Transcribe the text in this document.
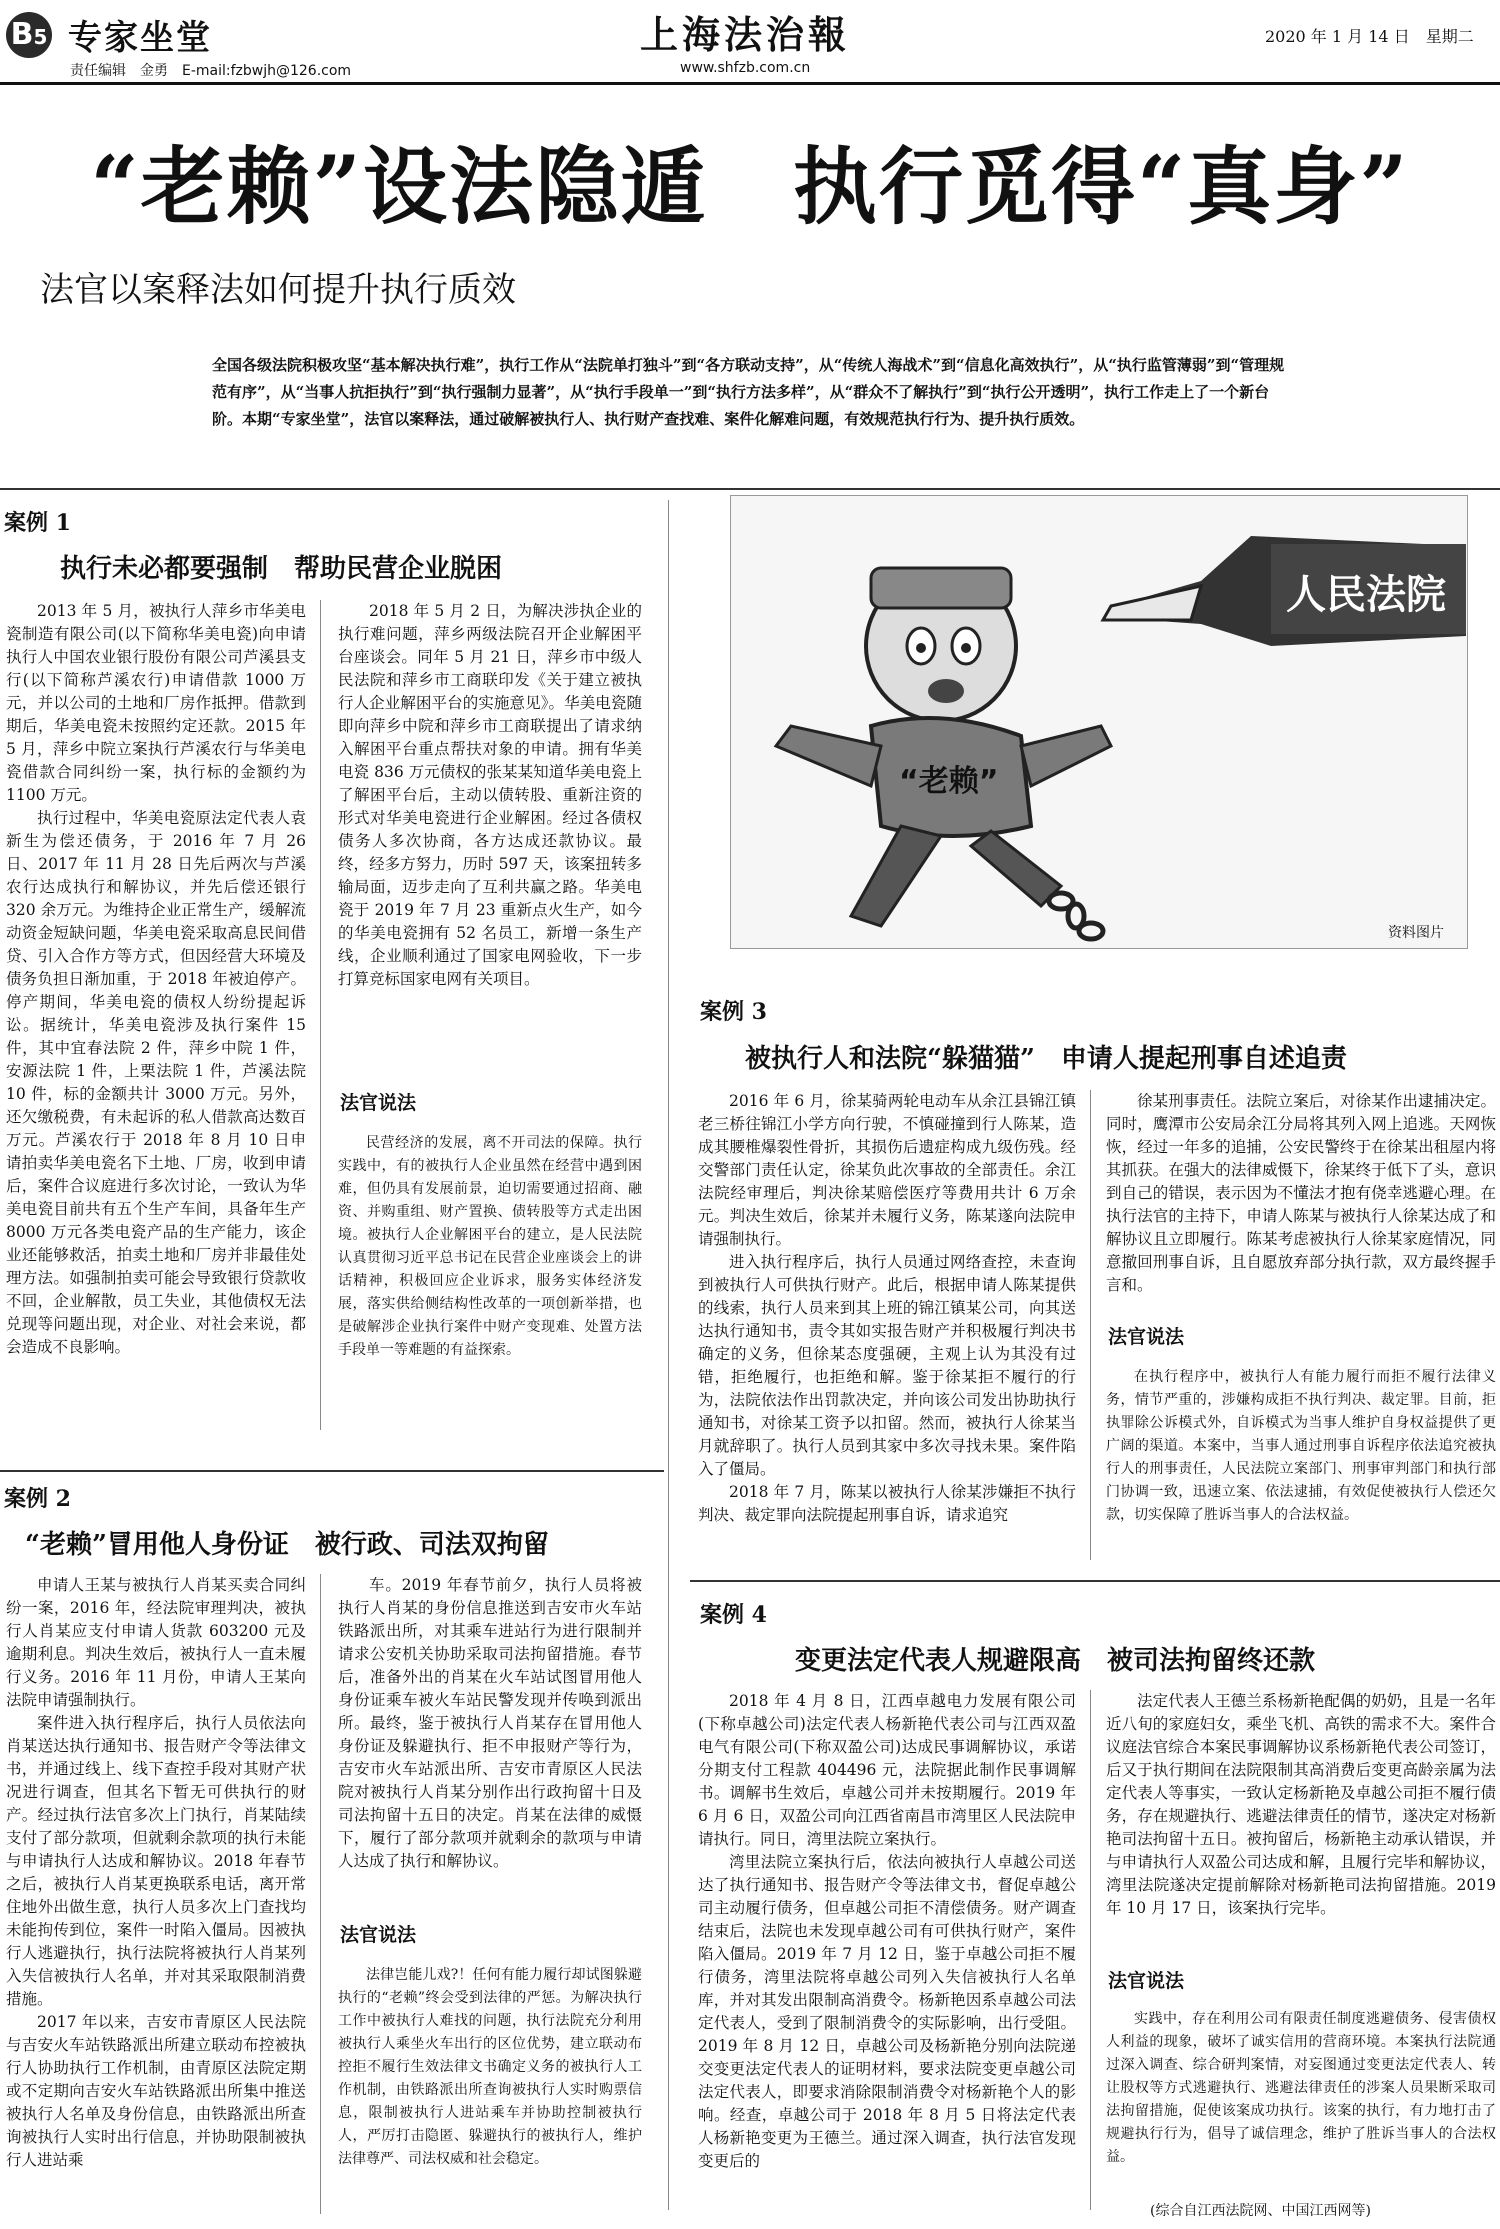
B5 专家坐堂
责任编辑　金勇　E-mail:fzbwjh@126.com
上海法治報
www.shfzb.com.cn
2020 年 1 月 14 日　星期二
“老赖”设法隐遁　执行觅得“真身”
法官以案释法如何提升执行质效
全国各级法院积极攻坚“基本解决执行难”，执行工作从“法院单打独斗”到“各方联动支持”，从“传统人海战术”到“信息化高效执行”，从“执行监管薄弱”到“管理规范有序”，从“当事人抗拒执行”到“执行强制力显著”，从“执行手段单一”到“执行方法多样”，从“群众不了解执行”到“执行公开透明”，执行工作走上了一个新台阶。本期“专家坐堂”，法官以案释法，通过破解被执行人、执行财产查找难、案件化解难问题，有效规范执行行为、提升执行质效。
案例 1
执行未必都要强制　帮助民营企业脱困

2013 年 5 月，被执行人萍乡市华美电瓷制造有限公司(以下简称华美电瓷)向申请执行人中国农业银行股份有限公司芦溪县支行(以下简称芦溪农行)申请借款 1000 万元，并以公司的土地和厂房作抵押。借款到期后，华美电瓷未按照约定还款。2015 年 5 月，萍乡中院立案执行芦溪农行与华美电瓷借款合同纠纷一案，执行标的金额约为 1100 万元。

执行过程中，华美电瓷原法定代表人袁新生为偿还债务，于 2016 年 7 月 26 日、2017 年 11 月 28 日先后两次与芦溪农行达成执行和解协议，并先后偿还银行 320 余万元。为维持企业正常生产，缓解流动资金短缺问题，华美电瓷采取高息民间借贷、引入合作方等方式，但因经营大环境及债务负担日渐加重，于 2018 年被迫停产。停产期间，华美电瓷的债权人纷纷提起诉讼。据统计，华美电瓷涉及执行案件 15 件，其中宜春法院 2 件，萍乡中院 1 件，安源法院 1 件，上栗法院 1 件，芦溪法院 10 件，标的金额共计 3000 万元。另外，还欠缴税费，有未起诉的私人借款高达数百万元。芦溪农行于 2018 年 8 月 10 日申请拍卖华美电瓷名下土地、厂房，收到申请后，案件合议庭进行多次讨论，一致认为华美电瓷目前共有五个生产车间，具备年生产 8000 万元各类电瓷产品的生产能力，该企业还能够救活，拍卖土地和厂房并非最佳处理方法。如强制拍卖可能会导致银行贷款收不回，企业解散，员工失业，其他债权无法兑现等问题出现，对企业、对社会来说，都会造成不良影响。

2018 年 5 月 2 日，为解决涉执企业的执行难问题，萍乡两级法院召开企业解困平台座谈会。同年 5 月 21 日，萍乡市中级人民法院和萍乡市工商联印发《关于建立被执行人企业解困平台的实施意见》。华美电瓷随即向萍乡中院和萍乡市工商联提出了请求纳入解困平台重点帮扶对象的申请。拥有华美电瓷 836 万元债权的张某某知道华美电瓷上了解困平台后，主动以债转股、重新注资的形式对华美电瓷进行企业解困。经过各债权债务人多次协商，各方达成还款协议。最终，经多方努力，历时 597 天，该案扭转多输局面，迈步走向了互利共赢之路。华美电瓷于 2019 年 7 月 23 重新点火生产，如今的华美电瓷拥有 52 名员工，新增一条生产线，企业顺利通过了国家电网验收，下一步打算竞标国家电网有关项目。

法官说法

民营经济的发展，离不开司法的保障。执行实践中，有的被执行人企业虽然在经营中遇到困难，但仍具有发展前景，迫切需要通过招商、融资、并购重组、财产置换、债转股等方式走出困境。被执行人企业解困平台的建立，是人民法院认真贯彻习近平总书记在民营企业座谈会上的讲话精神，积极回应企业诉求，服务实体经济发展，落实供给侧结构性改革的一项创新举措，也是破解涉企业执行案件中财产变现难、处置方法手段单一等难题的有益探索。

人民法院
“老赖”
资料图片
案例 3
被执行人和法院“躲猫猫”　申请人提起刑事自述追责

2016 年 6 月，徐某骑两轮电动车从余江县锦江镇老三桥往锦江小学方向行驶，不慎碰撞到行人陈某，造成其腰椎爆裂性骨折，其损伤后遗症构成九级伤残。经交警部门责任认定，徐某负此次事故的全部责任。余江法院经审理后，判决徐某赔偿医疗等费用共计 6 万余元。判决生效后，徐某并未履行义务，陈某遂向法院申请强制执行。

进入执行程序后，执行人员通过网络查控，未查询到被执行人可供执行财产。此后，根据申请人陈某提供的线索，执行人员来到其上班的锦江镇某公司，向其送达执行通知书，责令其如实报告财产并积极履行判决书确定的义务，但徐某态度强硬，主观上认为其没有过错，拒绝履行，也拒绝和解。鉴于徐某拒不履行的行为，法院依法作出罚款决定，并向该公司发出协助执行通知书，对徐某工资予以扣留。然而，被执行人徐某当月就辞职了。执行人员到其家中多次寻找未果。案件陷入了僵局。

2018 年 7 月，陈某以被执行人徐某涉嫌拒不执行判决、裁定罪向法院提起刑事自诉，请求追究

徐某刑事责任。法院立案后，对徐某作出逮捕决定。同时，鹰潭市公安局余江分局将其列入网上追逃。天网恢恢，经过一年多的追捕，公安民警终于在徐某出租屋内将其抓获。在强大的法律威慑下，徐某终于低下了头，意识到自己的错误，表示因为不懂法才抱有侥幸逃避心理。在执行法官的主持下，申请人陈某与被执行人徐某达成了和解协议且立即履行。陈某考虑被执行人徐某家庭情况，同意撤回刑事自诉，且自愿放弃部分执行款，双方最终握手言和。

法官说法

在执行程序中，被执行人有能力履行而拒不履行法律义务，情节严重的，涉嫌构成拒不执行判决、裁定罪。目前，拒执罪除公诉模式外，自诉模式为当事人维护自身权益提供了更广阔的渠道。本案中，当事人通过刑事自诉程序依法追究被执行人的刑事责任，人民法院立案部门、刑事审判部门和执行部门协调一致，迅速立案、依法逮捕，有效促使被执行人偿还欠款，切实保障了胜诉当事人的合法权益。

案例 2
“老赖”冒用他人身份证　被行政、司法双拘留

申请人王某与被执行人肖某买卖合同纠纷一案，2016 年，经法院审理判决，被执行人肖某应支付申请人货款 603200 元及逾期利息。判决生效后，被执行人一直未履行义务。2016 年 11 月份，申请人王某向法院申请强制执行。

案件进入执行程序后，执行人员依法向肖某送达执行通知书、报告财产令等法律文书，并通过线上、线下查控手段对其财产状况进行调查，但其名下暂无可供执行的财产。经过执行法官多次上门执行，肖某陆续支付了部分款项，但就剩余款项的执行未能与申请执行人达成和解协议。2018 年春节之后，被执行人肖某更换联系电话，离开常住地外出做生意，执行人员多次上门查找均未能拘传到位，案件一时陷入僵局。因被执行人逃避执行，执行法院将被执行人肖某列入失信被执行人名单，并对其采取限制消费措施。

2017 年以来，吉安市青原区人民法院与吉安火车站铁路派出所建立联动布控被执行人协助执行工作机制，由青原区法院定期或不定期向吉安火车站铁路派出所集中推送被执行人名单及身份信息，由铁路派出所查询被执行人实时出行信息，并协助限制被执行人进站乘

车。2019 年春节前夕，执行人员将被执行人肖某的身份信息推送到吉安市火车站铁路派出所，对其乘车进站行为进行限制并请求公安机关协助采取司法拘留措施。春节后，准备外出的肖某在火车站试图冒用他人身份证乘车被火车站民警发现并传唤到派出所。最终，鉴于被执行人肖某存在冒用他人身份证及躲避执行、拒不申报财产等行为，吉安市火车站派出所、吉安市青原区人民法院对被执行人肖某分别作出行政拘留十日及司法拘留十五日的决定。肖某在法律的威慑下，履行了部分款项并就剩余的款项与申请人达成了执行和解协议。

法官说法

法律岂能儿戏?！任何有能力履行却试图躲避执行的“老赖”终会受到法律的严惩。为解决执行工作中被执行人难找的问题，执行法院充分利用被执行人乘坐火车出行的区位优势，建立联动布控拒不履行生效法律文书确定义务的被执行人工作机制，由铁路派出所查询被执行人实时购票信息，限制被执行人进站乘车并协助控制被执行人，严厉打击隐匿、躲避执行的被执行人，维护法律尊严、司法权威和社会稳定。

案例 4
变更法定代表人规避限高　被司法拘留终还款

2018 年 4 月 8 日，江西卓越电力发展有限公司(下称卓越公司)法定代表人杨新艳代表公司与江西双盈电气有限公司(下称双盈公司)达成民事调解协议，承诺分期支付工程款 404496 元，法院据此制作民事调解书。调解书生效后，卓越公司并未按期履行。2019 年 6 月 6 日，双盈公司向江西省南昌市湾里区人民法院申请执行。同日，湾里法院立案执行。

湾里法院立案执行后，依法向被执行人卓越公司送达了执行通知书、报告财产令等法律文书，督促卓越公司主动履行债务，但卓越公司拒不清偿债务。财产调查结束后，法院也未发现卓越公司有可供执行财产，案件陷入僵局。2019 年 7 月 12 日，鉴于卓越公司拒不履行债务，湾里法院将卓越公司列入失信被执行人名单库，并对其发出限制高消费令。杨新艳因系卓越公司法定代表人，受到了限制消费令的实际影响，出行受阻。2019 年 8 月 12 日，卓越公司及杨新艳分别向法院递交变更法定代表人的证明材料，要求法院变更卓越公司法定代表人，即要求消除限制消费令对杨新艳个人的影响。经查，卓越公司于 2018 年 8 月 5 日将法定代表人杨新艳变更为王德兰。通过深入调查，执行法官发现变更后的

法定代表人王德兰系杨新艳配偶的奶奶，且是一名年近八旬的家庭妇女，乘坐飞机、高铁的需求不大。案件合议庭法官综合本案民事调解协议系杨新艳代表公司签订，后又于执行期间在法院限制其高消费后变更高龄亲属为法定代表人等事实，一致认定杨新艳及卓越公司拒不履行债务，存在规避执行、逃避法律责任的情节，遂决定对杨新艳司法拘留十五日。被拘留后，杨新艳主动承认错误，并与申请执行人双盈公司达成和解，且履行完毕和解协议，湾里法院遂决定提前解除对杨新艳司法拘留措施。2019 年 10 月 17 日，该案执行完毕。

法官说法

实践中，存在利用公司有限责任制度逃避债务、侵害债权人利益的现象，破坏了诚实信用的营商环境。本案执行法院通过深入调查、综合研判案情，对妄图通过变更法定代表人、转让股权等方式逃避执行、逃避法律责任的涉案人员果断采取司法拘留措施，促使该案成功执行。该案的执行，有力地打击了规避执行行为，倡导了诚信理念，维护了胜诉当事人的合法权益。

(综合自江西法院网、中国江西网等)
